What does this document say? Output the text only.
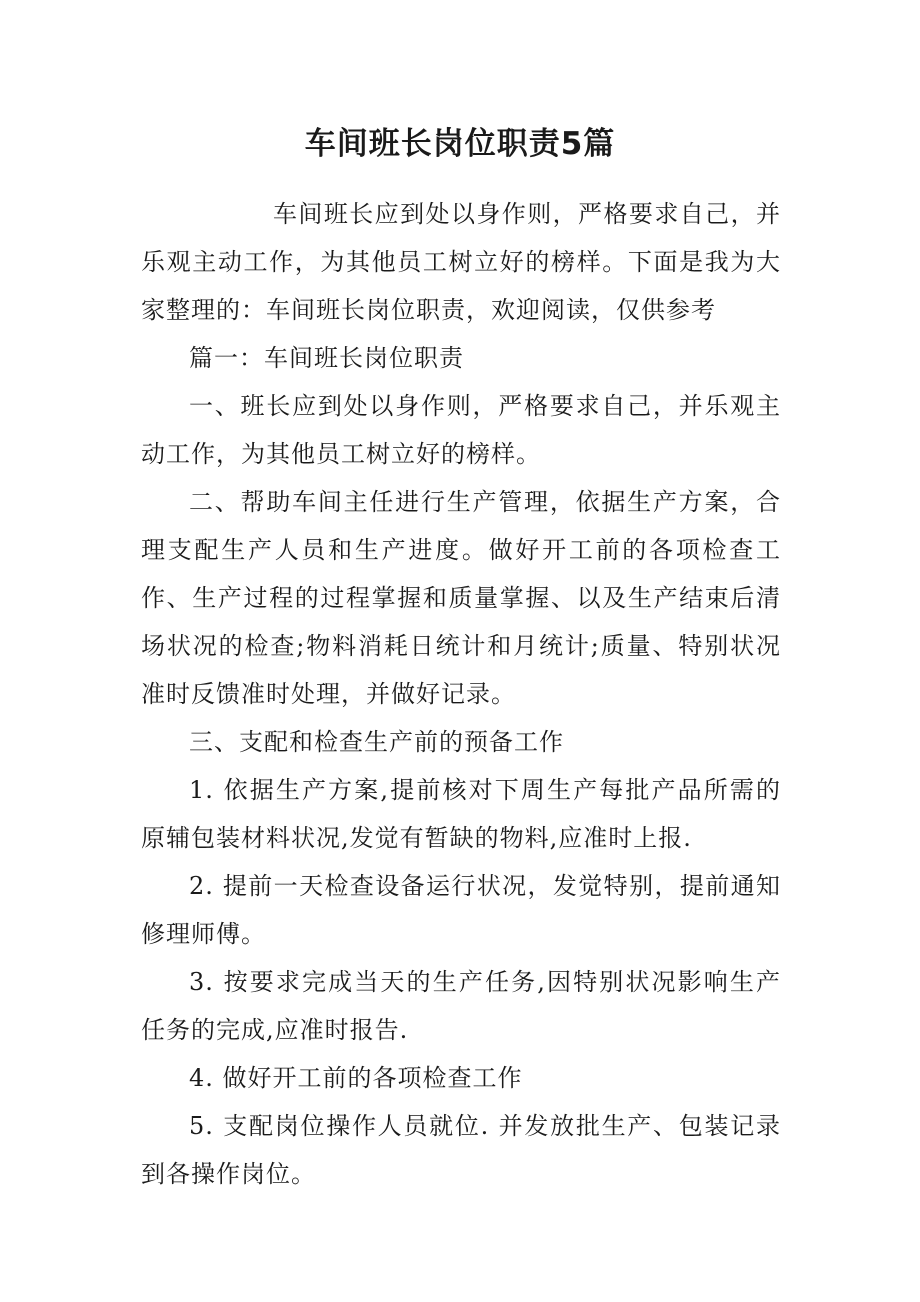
车间班长岗位职责5篇

车间班长应到处以身作则，严格要求自己，并乐观主动工作，为其他员工树立好的榜样。下面是我为大家整理的：车间班长岗位职责，欢迎阅读，仅供参考

篇一：车间班长岗位职责

一、班长应到处以身作则，严格要求自己，并乐观主动工作，为其他员工树立好的榜样。

二、帮助车间主任进行生产管理，依据生产方案，合理支配生产人员和生产进度。做好开工前的各项检查工作、生产过程的过程掌握和质量掌握、以及生产结束后清场状况的检查;物料消耗日统计和月统计;质量、特别状况准时反馈准时处理，并做好记录。

三、支配和检查生产前的预备工作

1. 依据生产方案,提前核对下周生产每批产品所需的原辅包装材料状况,发觉有暂缺的物料,应准时上报.

2. 提前一天检查设备运行状况，发觉特别，提前通知修理师傅。

3. 按要求完成当天的生产任务,因特别状况影响生产任务的完成,应准时报告.

4. 做好开工前的各项检查工作

5. 支配岗位操作人员就位. 并发放批生产、包装记录到各操作岗位。
